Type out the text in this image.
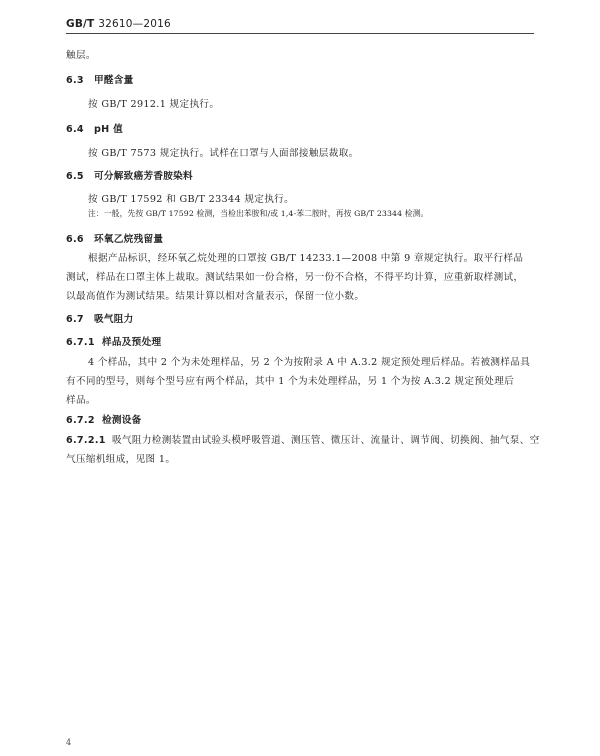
GB/T 32610—2016
触层。
6.3 甲醛含量
按 GB/T 2912.1 规定执行。
6.4 pH 值
按 GB/T 7573 规定执行。试样在口罩与人面部接触层裁取。
6.5 可分解致癌芳香胺染料
按 GB/T 17592 和 GB/T 23344 规定执行。
注：一般，先按 GB/T 17592 检测，当检出苯胺和/或 1,4-苯二胺时，再按 GB/T 23344 检测。
6.6 环氧乙烷残留量
根据产品标识，经环氧乙烷处理的口罩按 GB/T 14233.1—2008 中第 9 章规定执行。取平行样品
测试，样品在口罩主体上裁取。测试结果如一份合格，另一份不合格，不得平均计算，应重新取样测试，
以最高值作为测试结果。结果计算以相对含量表示，保留一位小数。
6.7 吸气阻力
6.7.1 样品及预处理
4 个样品，其中 2 个为未处理样品，另 2 个为按附录 A 中 A.3.2 规定预处理后样品。若被测样品具
有不同的型号，则每个型号应有两个样品，其中 1 个为未处理样品，另 1 个为按 A.3.2 规定预处理后
样品。
6.7.2 检测设备
6.7.2.1 吸气阻力检测装置由试验头模呼吸管道、测压管、微压计、流量计、调节阀、切换阀、抽气泵、空
气压缩机组成，见图 1。
4
